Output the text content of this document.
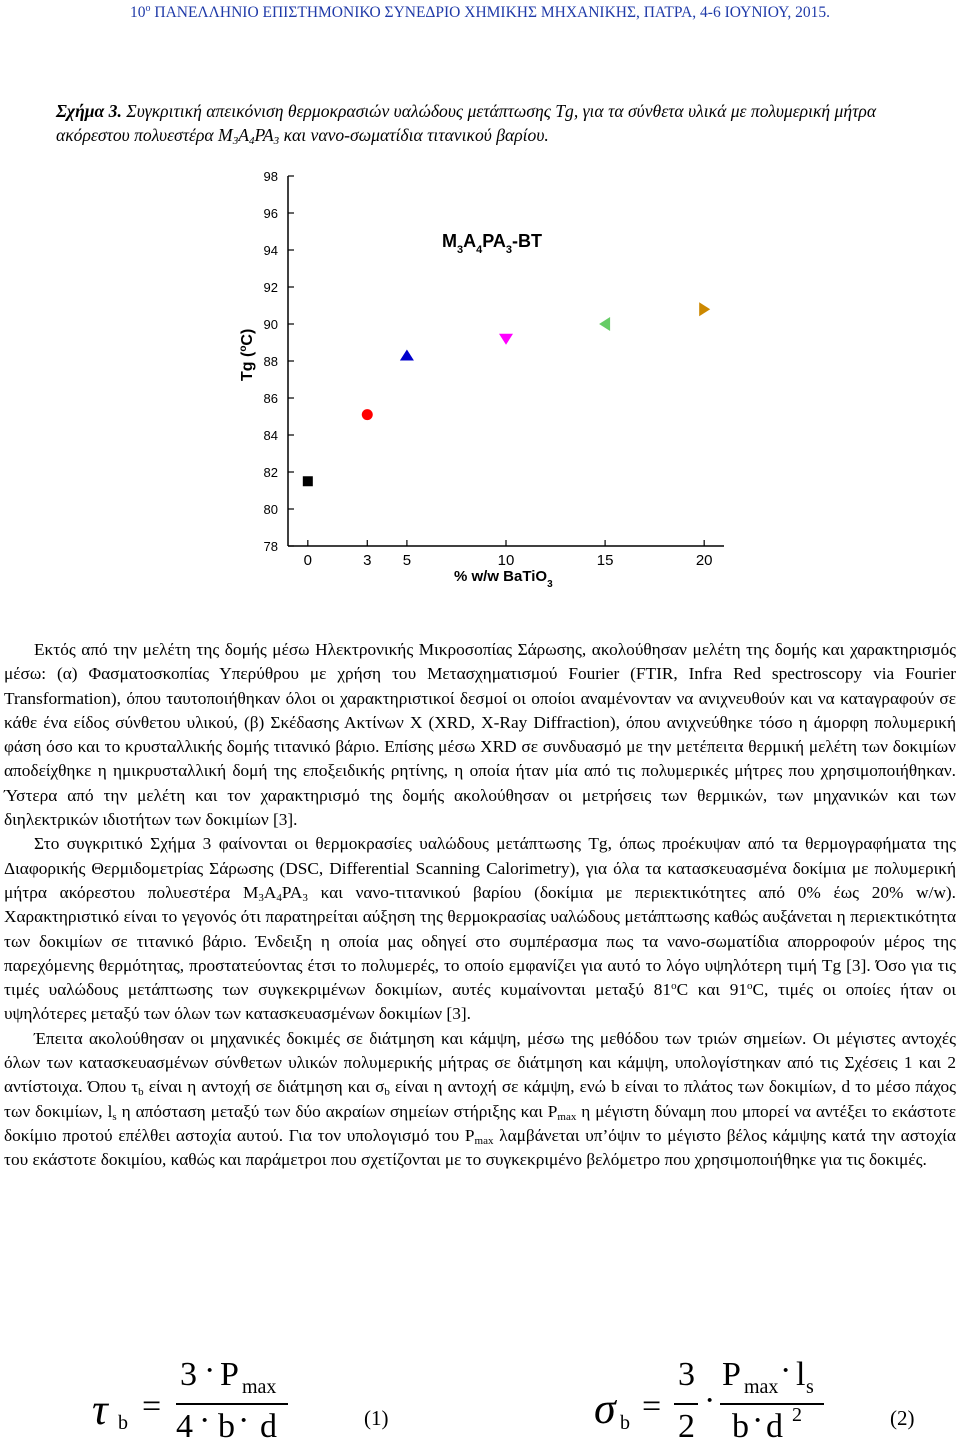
$10^o$ ΠΑΝΕΛΛΗΝΙΟ ΕΠΙΣΤΗΜΟΝΙΚΟ ΣΥΝΕΔΡΙΟ ΧΗΜΙΚΗΣ ΜΗΧΑΝΙΚΗΣ, ΠΑΤΡΑ, 4-6 ΙΟΥΝΙΟΥ, 2015.
Σχήμα 3. Συγκριτική απεικόνιση θερμοκρασιών υαλώδους μετάπτωσης Tg, για τα σύνθετα υλικά με πολυμερική μήτρα ακόρεστου πολυεστέρα $M_3A_4PA_3$ και νανο-σωματίδια τιτανικού βαρίου.
78
80
82
84
86
88
90
92
94
96
98
0	3 5	10	15	20
$M_3A_4PA_3-BT$
Tg ($^o$C)
% w/w BaTiO$_3$

Εκτός από την μελέτη της δομής μέσω Ηλεκτρονικής Μικροσοπίας Σάρωσης, ακολούθησαν μελέτη της δομής και χαρακτηρισμός μέσω: (α) Φασματοσκοπίας Υπερύθρου με χρήση του Μετασχηματισμού Fourier (FTIR, Infra Red spectroscopy via Fourier Transformation), όπου ταυτοποιήθηκαν όλοι οι χαρακτηριστικοί δεσμοί οι οποίοι αναμένονταν να ανιχνευθούν και να καταγραφούν σε κάθε ένα είδος σύνθετου υλικού, (β) Σκέδασης Ακτίνων Χ (XRD, X-Ray Diffraction), όπου ανιχνεύθηκε τόσο η άμορφη πολυμερική φάση όσο και το κρυσταλλικής δομής τιτανικό βάριο. Επίσης μέσω XRD σε συνδυασμό με την μετέπειτα θερμική μελέτη των δοκιμίων αποδείχθηκε η ημικρυσταλλική δομή της εποξειδικής ρητίνης, η οποία ήταν μία από τις πολυμερικές μήτρες που χρησιμοποιήθηκαν. Ύστερα από την μελέτη και τον χαρακτηρισμό της δομής ακολούθησαν οι μετρήσεις των θερμικών, των μηχανικών και των διηλεκτρικών ιδιοτήτων των δοκιμίων [3].

Στο συγκριτικό Σχήμα 3 φαίνονται οι θερμοκρασίες υαλώδους μετάπτωσης Tg, όπως προέκυψαν από τα θερμογραφήματα της Διαφορικής Θερμιδομετρίας Σάρωσης (DSC, Differential Scanning Calorimetry), για όλα τα κατασκευασμένα δοκίμια με πολυμερική μήτρα ακόρεστου πολυεστέρα $M_3A_4PA_3$ και νανο-τιτανικού βαρίου (δοκίμια με περιεκτικότητες από 0% έως 20% w/w). Χαρακτηριστικό είναι το γεγονός ότι παρατηρείται αύξηση της θερμοκρασίας υαλώδους μετάπτωσης καθώς αυξάνεται η περιεκτικότητα των δοκιμίων σε τιτανικό βάριο. Ένδειξη η οποία μας οδηγεί στο συμπέρασμα πως τα νανο-σωματίδια απορροφούν μέρος της παρεχόμενης θερμότητας, προστατεύοντας έτσι το πολυμερές, το οποίο εμφανίζει για αυτό το λόγο υψηλότερη τιμή Tg [3]. Όσο για τις τιμές υαλώδους μετάπτωσης των συγκεκριμένων δοκιμίων, αυτές κυμαίνονται μεταξύ 81$^o$C και 91$^o$C, τιμές οι οποίες ήταν οι υψηλότερες μεταξύ των όλων των κατασκευασμένων δοκιμίων [3].

Έπειτα ακολούθησαν οι μηχανικές δοκιμές σε διάτμηση και κάμψη, μέσω της μεθόδου των τριών σημείων. Οι μέγιστες αντοχές όλων των κατασκευασμένων σύνθετων υλικών πολυμερικής μήτρας σε διάτμηση και κάμψη, υπολογίστηκαν από τις Σχέσεις 1 και 2 αντίστοιχα. Όπου $\tau_b$ είναι η αντοχή σε διάτμηση και $\sigma_b$ είναι η αντοχή σε κάμψη, ενώ b είναι το πλάτος των δοκιμίων, d το μέσο πάχος των δοκιμίων, $l_s$ η απόσταση μεταξύ των δύο ακραίων σημείων στήριξης και $P_{max}$ η μέγιστη δύναμη που μπορεί να αντέξει το εκάστοτε δοκίμιο προτού επέλθει αστοχία αυτού. Για τον υπολογισμό του $P_{max}$ λαμβάνεται υπ’όψιν το μέγιστο βέλος κάμψης κατά την αστοχία του εκάστοτε δοκιμίου, καθώς και παράμετροι που σχετίζονται με το συγκεκριμένο βελόμετρο που χρησιμοποιήθηκε για τις δοκιμές.

τ b =
3 · P max
4 · b · d	(1)	σ b =
3
2
·
P max · l s
b · d 2	(2)
